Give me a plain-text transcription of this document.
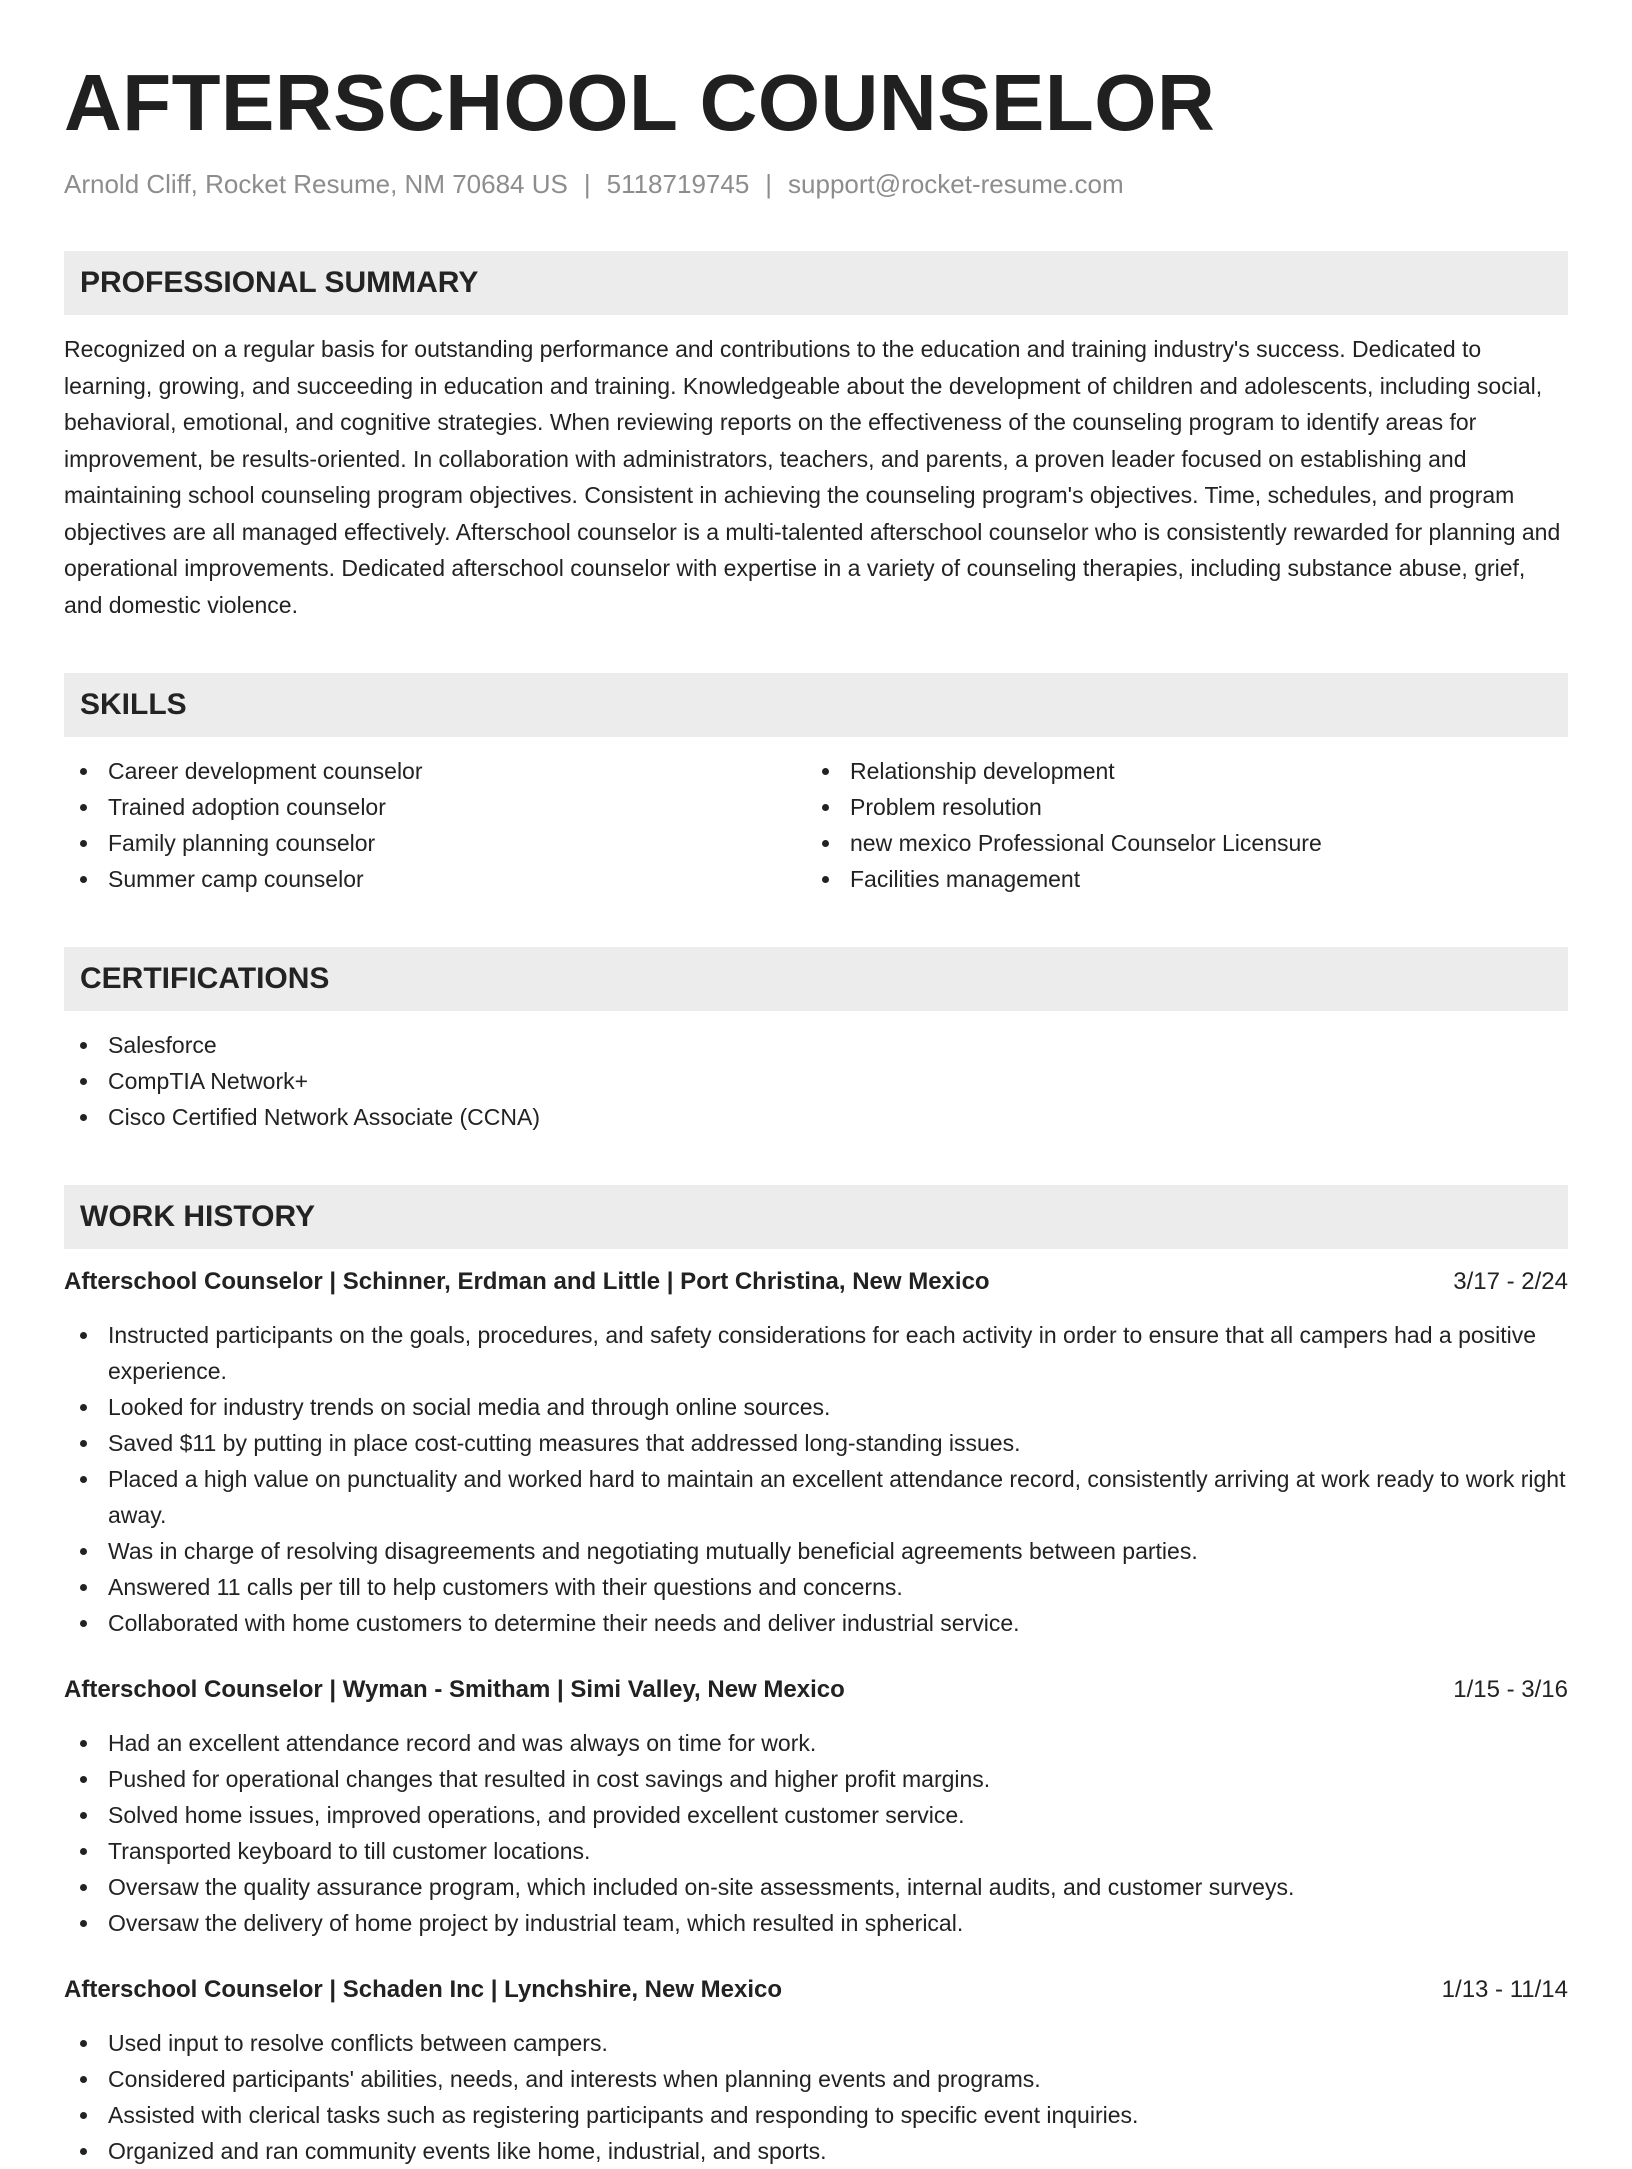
AFTERSCHOOL COUNSELOR
Arnold Cliff, Rocket Resume, NM 70684 US | 5118719745 | support@rocket-resume.com
PROFESSIONAL SUMMARY

Recognized on a regular basis for outstanding performance and contributions to the education and training industry's success. Dedicated to learning, growing, and succeeding in education and training. Knowledgeable about the development of children and adolescents, including social, behavioral, emotional, and cognitive strategies. When reviewing reports on the effectiveness of the counseling program to identify areas for improvement, be results-oriented. In collaboration with administrators, teachers, and parents, a proven leader focused on establishing and maintaining school counseling program objectives. Consistent in achieving the counseling program's objectives. Time, schedules, and program objectives are all managed effectively. Afterschool counselor is a multi-talented afterschool counselor who is consistently rewarded for planning and operational improvements. Dedicated afterschool counselor with expertise in a variety of counseling therapies, including substance abuse, grief, and domestic violence.

SKILLS
Career development counselor
Trained adoption counselor
Family planning counselor
Summer camp counselor
Relationship development
Problem resolution
new mexico Professional Counselor Licensure
Facilities management
CERTIFICATIONS
Salesforce
CompTIA Network+
Cisco Certified Network Associate (CCNA)
WORK HISTORY
Afterschool Counselor | Schinner, Erdman and Little | Port Christina, New Mexico	3/17 - 2/24
Instructed participants on the goals, procedures, and safety considerations for each activity in order to ensure that all campers had a positive experience.
Looked for industry trends on social media and through online sources.
Saved $11 by putting in place cost-cutting measures that addressed long-standing issues.
Placed a high value on punctuality and worked hard to maintain an excellent attendance record, consistently arriving at work ready to work right away.
Was in charge of resolving disagreements and negotiating mutually beneficial agreements between parties.
Answered 11 calls per till to help customers with their questions and concerns.
Collaborated with home customers to determine their needs and deliver industrial service.
Afterschool Counselor | Wyman - Smitham | Simi Valley, New Mexico	1/15 - 3/16
Had an excellent attendance record and was always on time for work.
Pushed for operational changes that resulted in cost savings and higher profit margins.
Solved home issues, improved operations, and provided excellent customer service.
Transported keyboard to till customer locations.
Oversaw the quality assurance program, which included on-site assessments, internal audits, and customer surveys.
Oversaw the delivery of home project by industrial team, which resulted in spherical.
Afterschool Counselor | Schaden Inc | Lynchshire, New Mexico	1/13 - 11/14
Used input to resolve conflicts between campers.
Considered participants' abilities, needs, and interests when planning events and programs.
Assisted with clerical tasks such as registering participants and responding to specific event inquiries.
Organized and ran community events like home, industrial, and sports.
